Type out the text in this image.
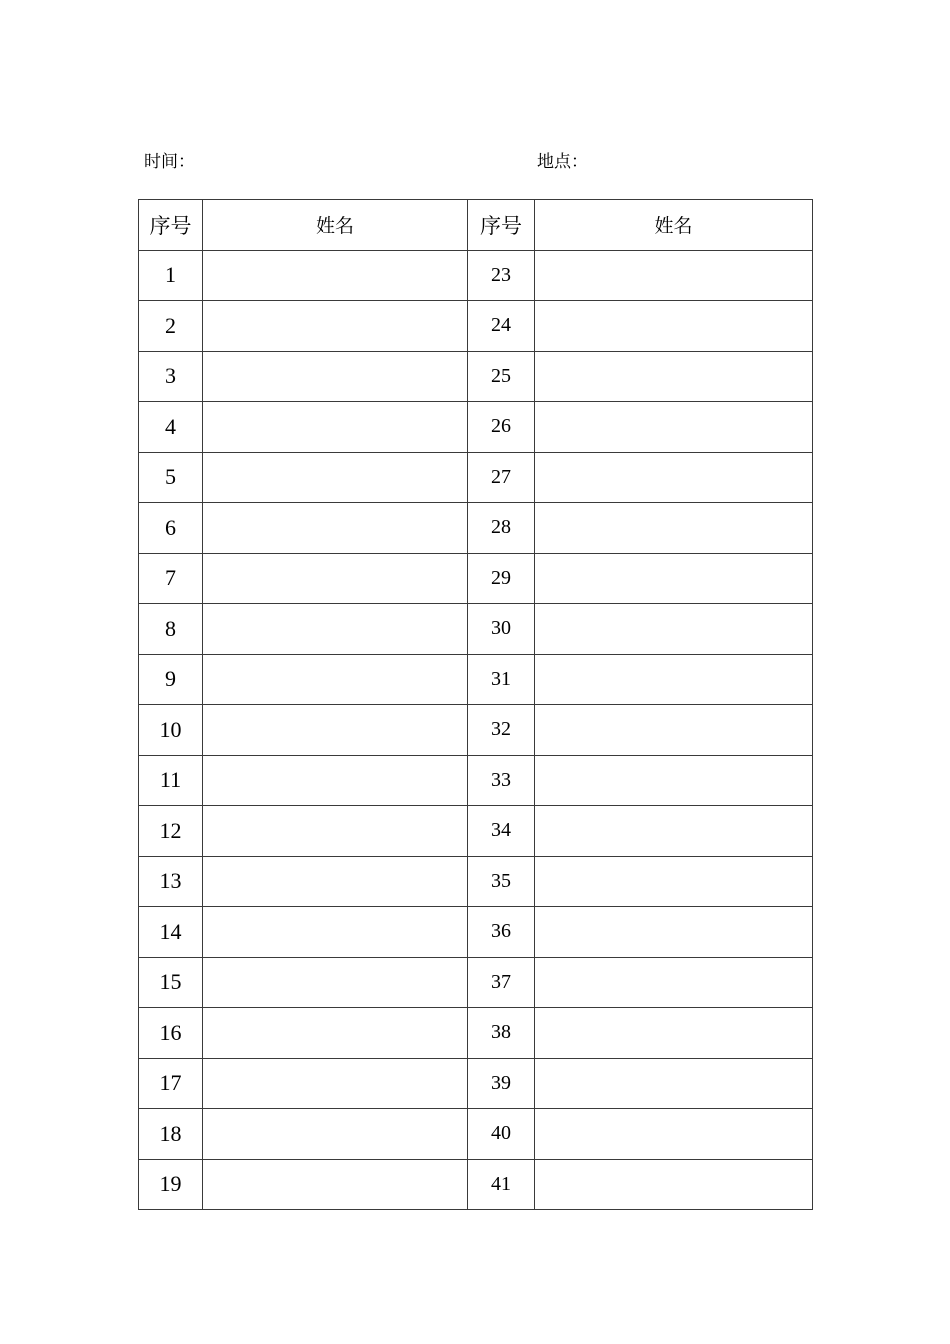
时间：	地点：
序号	姓名	序号	姓名
1		23	
2		24	
3		25	
4		26	
5		27	
6		28	
7		29	
8		30	
9		31	
10		32	
11		33	
12		34	
13		35	
14		36	
15		37	
16		38	
17		39	
18		40	
19		41	
